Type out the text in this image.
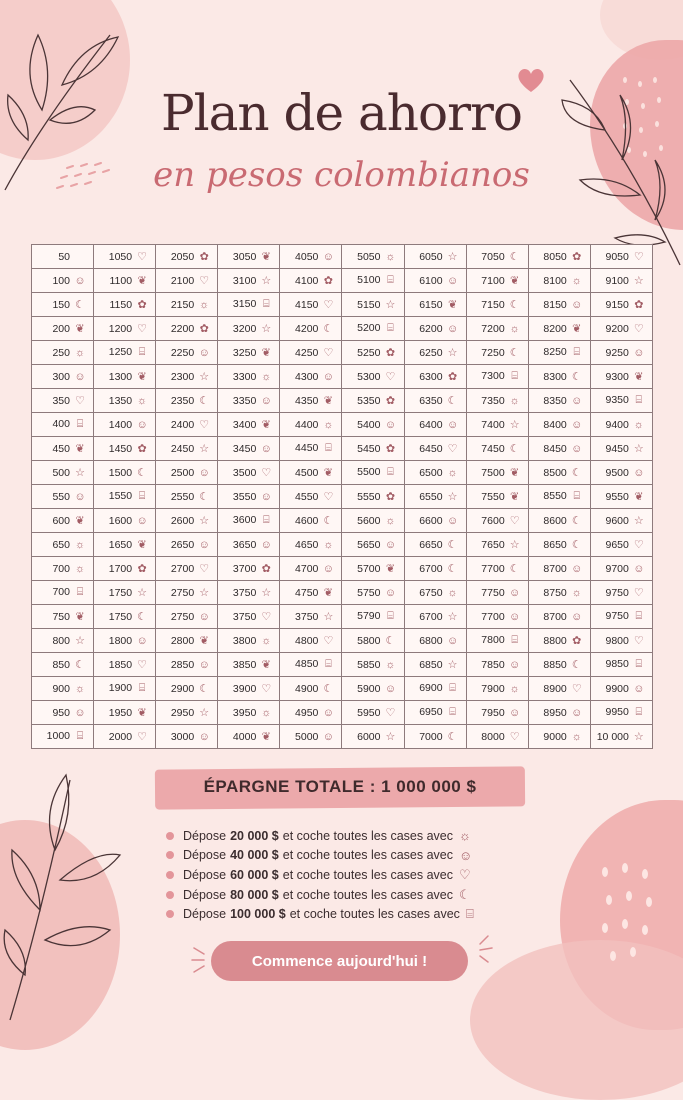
Plan de ahorro
en pesos colombianos
50	1050 ♡	2050 ✿	3050 ❦	4050 ☺	5050 ☼	6050 ☆	7050 ☾	8050 ✿	9050 ♡
100 ☺	1100 ❦	2100 ♡	3100 ☆	4100 ✿	5100 ⌸	6100 ☺	7100 ❦	8100 ☼	9100 ☆
150 ☾	1150 ✿	2150 ☼	3150 ⌸	4150 ♡	5150 ☆	6150 ❦	7150 ☾	8150 ☺	9150 ✿
200 ❦	1200 ♡	2200 ✿	3200 ☆	4200 ☾	5200 ⌸	6200 ☺	7200 ☼	8200 ❦	9200 ♡
250 ☼	1250 ⌸	2250 ☺	3250 ❦	4250 ♡	5250 ✿	6250 ☆	7250 ☾	8250 ⌸	9250 ☺
300 ☺	1300 ❦	2300 ☆	3300 ☼	4300 ☺	5300 ♡	6300 ✿	7300 ⌸	8300 ☾	9300 ❦
350 ♡	1350 ☼	2350 ☾	3350 ☺	4350 ❦	5350 ✿	6350 ☾	7350 ☼	8350 ☺	9350 ⌸
400 ⌸	1400 ☺	2400 ♡	3400 ❦	4400 ☼	5400 ☺	6400 ☺	7400 ☆	8400 ☺	9400 ☼
450 ❦	1450 ✿	2450 ☆	3450 ☺	4450 ⌸	5450 ✿	6450 ♡	7450 ☾	8450 ☺	9450 ☆
500 ☆	1500 ☾	2500 ☺	3500 ♡	4500 ❦	5500 ⌸	6500 ☼	7500 ❦	8500 ☾	9500 ☺
550 ☺	1550 ⌸	2550 ☾	3550 ☺	4550 ♡	5550 ✿	6550 ☆	7550 ❦	8550 ⌸	9550 ❦
600 ❦	1600 ☺	2600 ☆	3600 ⌸	4600 ☾	5600 ☼	6600 ☺	7600 ♡	8600 ☾	9600 ☆
650 ☼	1650 ❦	2650 ☺	3650 ☺	4650 ☼	5650 ☺	6650 ☾	7650 ☆	8650 ☾	9650 ♡
700 ☼	1700 ✿	2700 ♡	3700 ✿	4700 ☺	5700 ❦	6700 ☾	7700 ☾	8700 ☺	9700 ☺
700 ⌸	1750 ☆	2750 ☆	3750 ☆	4750 ❦	5750 ☺	6750 ☼	7750 ☺	8750 ☼	9750 ♡
750 ❦	1750 ☾	2750 ☺	3750 ♡	3750 ☆	5790 ⌸	6700 ☆	7700 ☺	8700 ☺	9750 ⌸
800 ☆	1800 ☺	2800 ❦	3800 ☼	4800 ♡	5800 ☾	6800 ☺	7800 ⌸	8800 ✿	9800 ♡
850 ☾	1850 ♡	2850 ☺	3850 ❦	4850 ⌸	5850 ☼	6850 ☆	7850 ☺	8850 ☾	9850 ⌸
900 ☼	1900 ⌸	2900 ☾	3900 ♡	4900 ☾	5900 ☺	6900 ⌸	7900 ☼	8900 ♡	9900 ☺
950 ☺	1950 ❦	2950 ☆	3950 ☼	4950 ☺	5950 ♡	6950 ⌸	7950 ☺	8950 ☺	9950 ⌸
1000 ⌸	2000 ♡	3000 ☺	4000 ❦	5000 ☺	6000 ☆	7000 ☾	8000 ♡	9000 ☼	10 000 ☆
ÉPARGNE TOTALE : 1 000 000 $
Dépose 20 000 $ et coche toutes les cases avec ☼
Dépose 40 000 $ et coche toutes les cases avec ☺
Dépose 60 000 $ et coche toutes les cases avec ♡
Dépose 80 000 $ et coche toutes les cases avec ☾
Dépose 100 000 $ et coche toutes les cases avec ⌸
Commence aujourd'hui !
